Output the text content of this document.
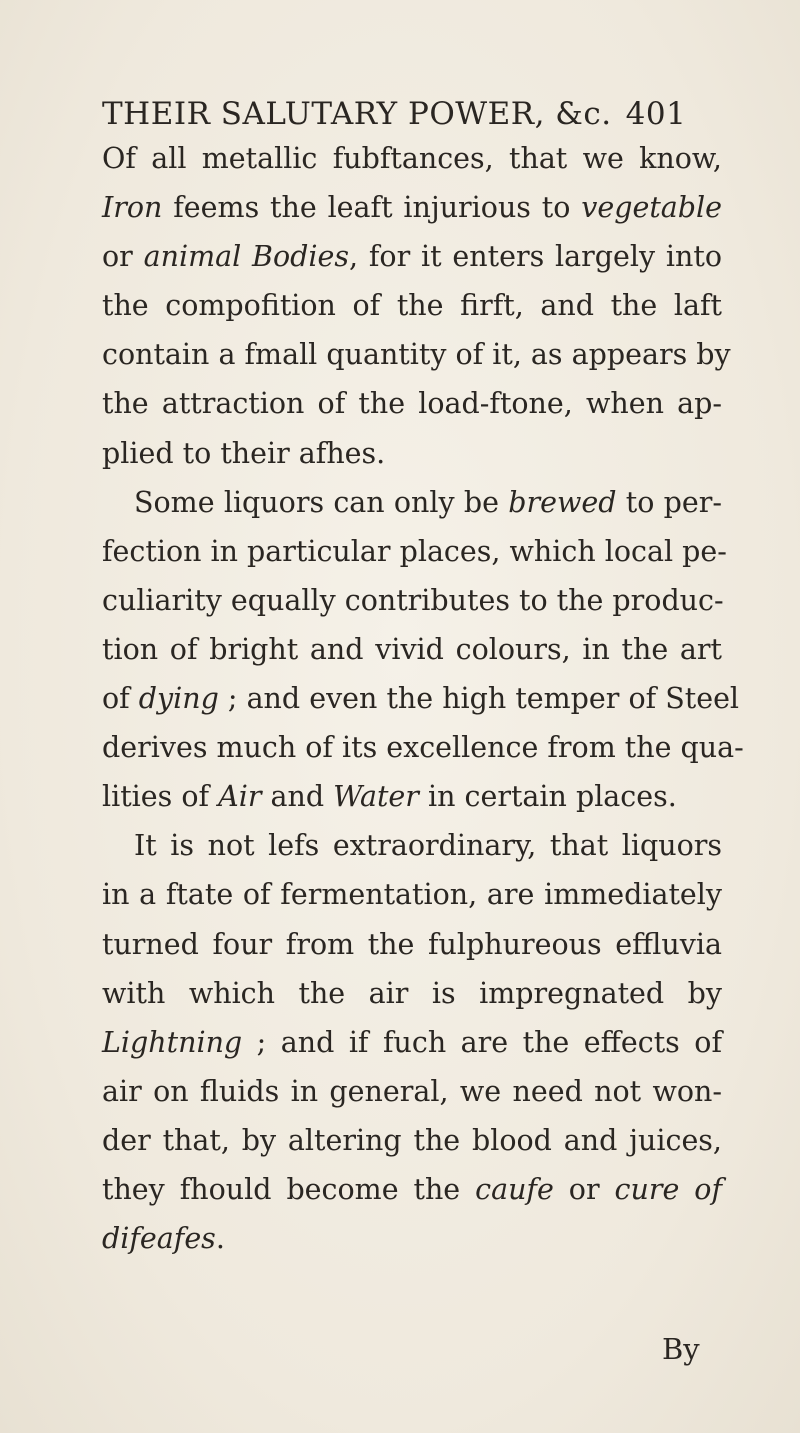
THEIR SALUTARY POWER, &c. 401
Of all metallic fubftances, that we know,
Iron feems the leaft injurious to vegetable
or animal Bodies, for it enters largely into
the compofition of the firft, and the laft
contain a fmall quantity of it, as appears by
the attraction of the load-ftone, when ap-
plied to their afhes.
Some liquors can only be brewed to per-
fection in particular places, which local pe-
culiarity equally contributes to the produc-
tion of bright and vivid colours, in the art
of dying ; and even the high temper of Steel
derives much of its excellence from the qua-
lities of Air and Water in certain places.
It is not lefs extraordinary, that liquors
in a ftate of fermentation, are immediately
turned four from the fulphureous effluvia
with which the air is impregnated by
Lightning ; and if fuch are the effects of
air on fluids in general, we need not won-
der that, by altering the blood and juices,
they fhould become the caufe or cure of
difeafes.
By
